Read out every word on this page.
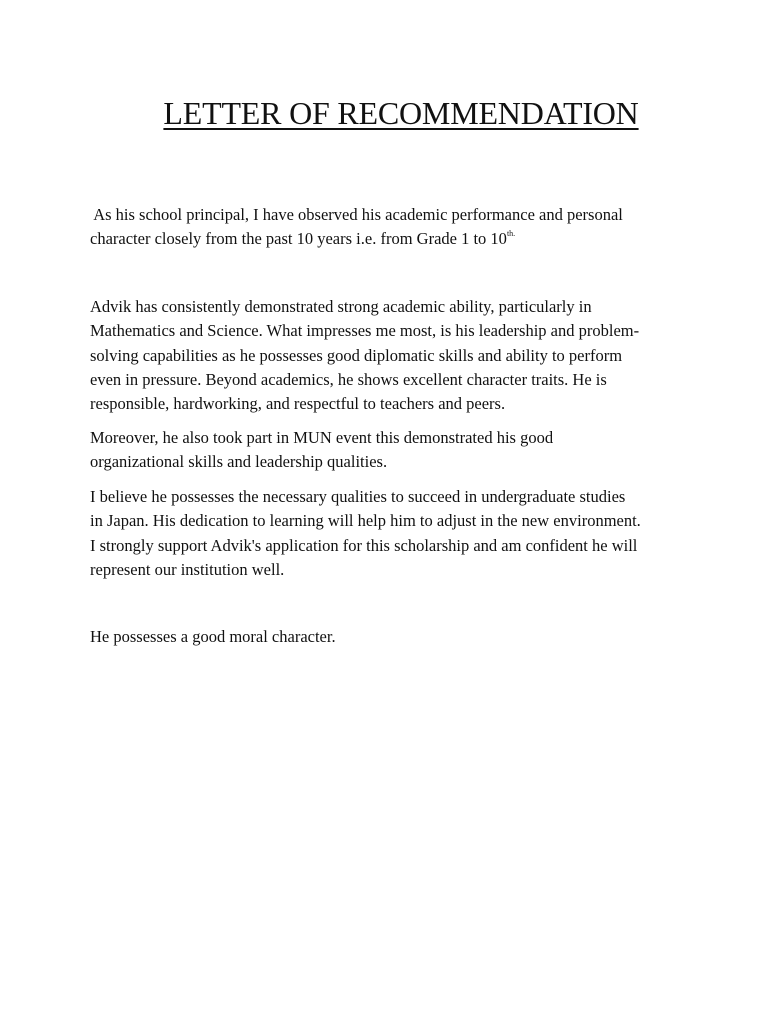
LETTER OF RECOMMENDATION

As his school principal, I have observed his academic performance and personal
character closely from the past 10 years i.e. from Grade 1 to $10^{th.}$

Advik has consistently demonstrated strong academic ability, particularly in
Mathematics and Science. What impresses me most, is his leadership and problem-
solving capabilities as he possesses good diplomatic skills and ability to perform
even in pressure. Beyond academics, he shows excellent character traits. He is
responsible, hardworking, and respectful to teachers and peers.

Moreover, he also took part in MUN event this demonstrated his good
organizational skills and leadership qualities.

I believe he possesses the necessary qualities to succeed in undergraduate studies
in Japan. His dedication to learning will help him to adjust in the new environment.
I strongly support Advik's application for this scholarship and am confident he will
represent our institution well.

He possesses a good moral character.
